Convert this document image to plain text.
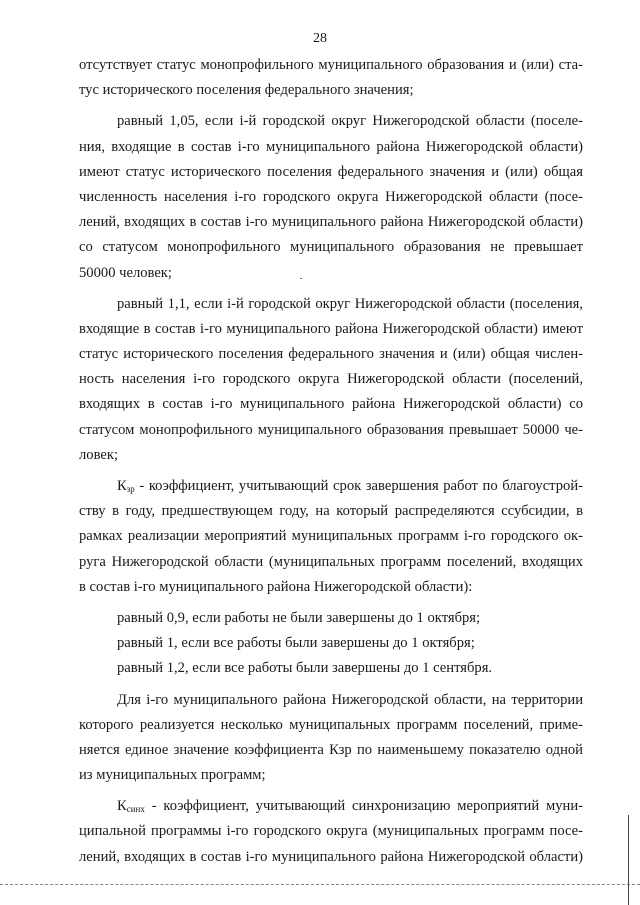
28
отсутствует статус монопрофильного муниципального образования и (или) ста-
тус исторического поселения федерального значения;
равный 1,05, если i-й городской округ Нижегородской области (поселе-
ния, входящие в состав i-го муниципального района Нижегородской области)
имеют статус исторического поселения федерального значения и (или) общая
численность населения i-го городского округа Нижегородской области (посе-
лений, входящих в состав i-го муниципального района Нижегородской области)
со статусом монопрофильного муниципального образования не превышает
50000 человек;
равный 1,1, если i-й городской округ Нижегородской области (поселения,
входящие в состав i-го муниципального района Нижегородской области) имеют
статус исторического поселения федерального значения и (или) общая числен-
ность населения i-го городского округа Нижегородской области (поселений,
входящих в состав i-го муниципального района Нижегородской области) со
статусом монопрофильного муниципального образования превышает 50000 че-
ловек;
$К_{зр}$ - коэффициент, учитывающий срок завершения работ по благоустрой-
ству в году, предшествующем году, на который распределяются ссубсидии, в
рамках реализации мероприятий муниципальных программ i-го городского ок-
руга Нижегородской области (муниципальных программ поселений, входящих
в состав i-го муниципального района Нижегородской области):
равный 0,9, если работы не были завершены до 1 октября;
равный 1, если все работы были завершены до 1 октября;
равный 1,2, если все работы были завершены до 1 сентября.
Для i-го муниципального района Нижегородской области, на территории
которого реализуется несколько муниципальных программ поселений, приме-
няется единое значение коэффициента Кзр по наименьшему показателю одной
из муниципальных программ;
$К_{синх}$ - коэффициент, учитывающий синхронизацию мероприятий муни-
ципальной программы i-го городского округа (муниципальных программ посе-
лений, входящих в состав i-го муниципального района Нижегородской области)
